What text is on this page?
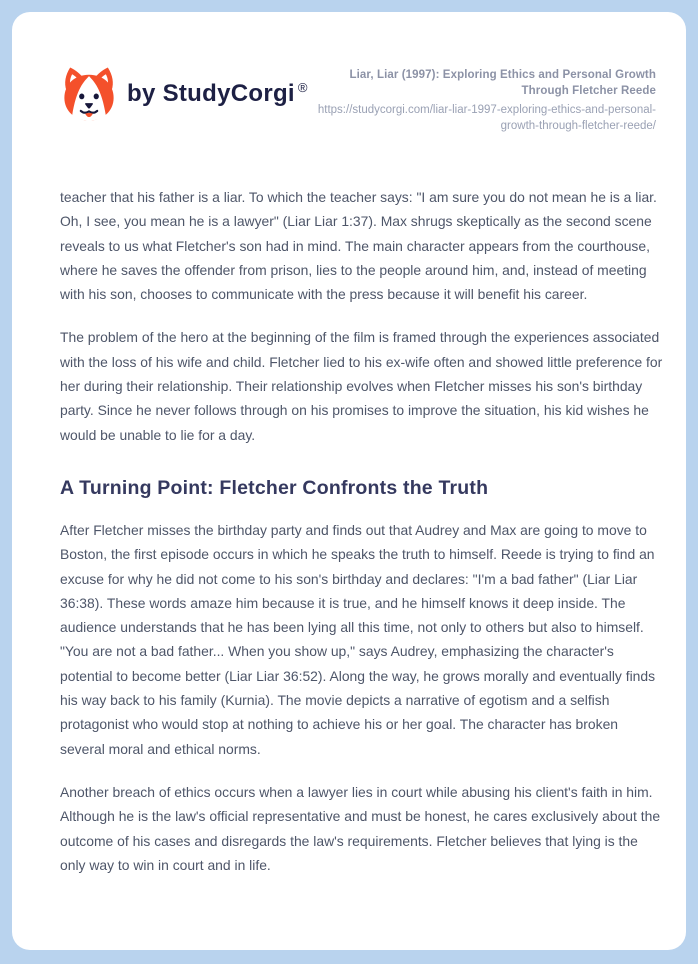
by StudyCorgi ®
Liar, Liar (1997): Exploring Ethics and Personal Growth Through Fletcher Reede
https://studycorgi.com/liar-liar-1997-exploring-ethics-and-personal-growth-through-fletcher-reede/

teacher that his father is a liar. To which the teacher says: "I am sure you do not mean he is a liar. Oh, I see, you mean he is a lawyer" (Liar Liar 1:37). Max shrugs skeptically as the second scene reveals to us what Fletcher's son had in mind. The main character appears from the courthouse, where he saves the offender from prison, lies to the people around him, and, instead of meeting with his son, chooses to communicate with the press because it will benefit his career.

The problem of the hero at the beginning of the film is framed through the experiences associated with the loss of his wife and child. Fletcher lied to his ex-wife often and showed little preference for her during their relationship. Their relationship evolves when Fletcher misses his son's birthday party. Since he never follows through on his promises to improve the situation, his kid wishes he would be unable to lie for a day.

A Turning Point: Fletcher Confronts the Truth

After Fletcher misses the birthday party and finds out that Audrey and Max are going to move to Boston, the first episode occurs in which he speaks the truth to himself. Reede is trying to find an excuse for why he did not come to his son's birthday and declares: "I'm a bad father" (Liar Liar 36:38). These words amaze him because it is true, and he himself knows it deep inside. The audience understands that he has been lying all this time, not only to others but also to himself. "You are not a bad father... When you show up," says Audrey, emphasizing the character's potential to become better (Liar Liar 36:52). Along the way, he grows morally and eventually finds his way back to his family (Kurnia). The movie depicts a narrative of egotism and a selfish protagonist who would stop at nothing to achieve his or her goal. The character has broken several moral and ethical norms.

Another breach of ethics occurs when a lawyer lies in court while abusing his client's faith in him. Although he is the law's official representative and must be honest, he cares exclusively about the outcome of his cases and disregards the law's requirements. Fletcher believes that lying is the only way to win in court and in life.
